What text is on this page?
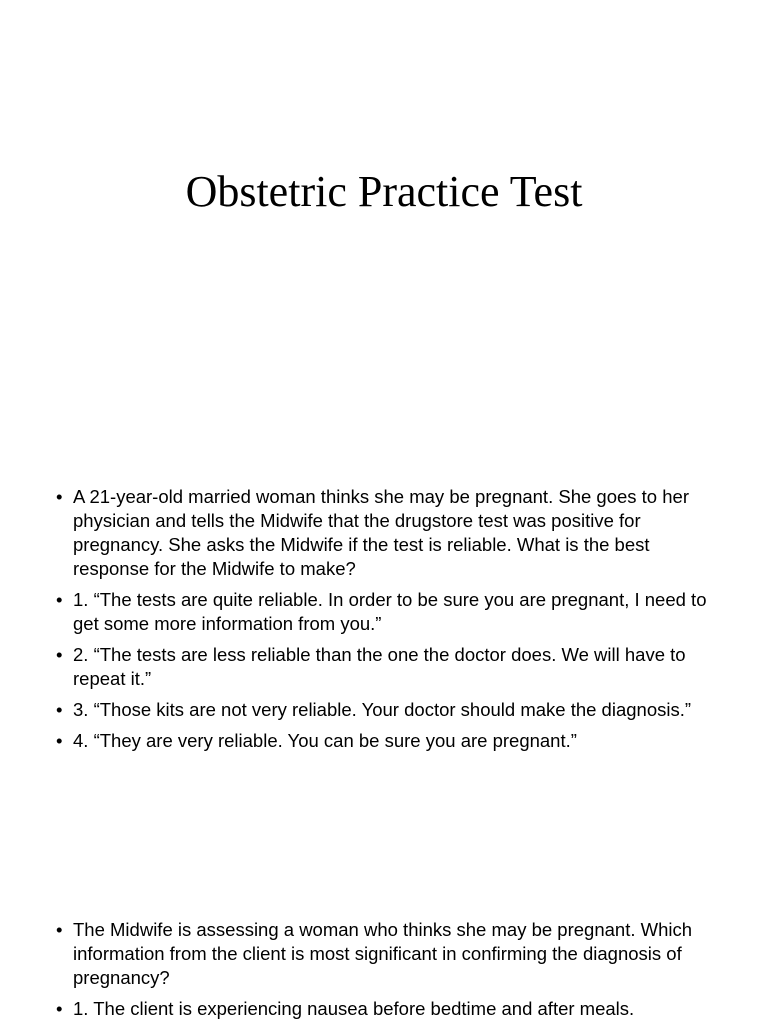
Obstetric Practice Test
• A 21-year-old married woman thinks she may be pregnant. She goes to her physician and tells the Midwife that the drugstore test was positive for pregnancy. She asks the Midwife if the test is reliable. What is the best response for the Midwife to make?
• 1. “The tests are quite reliable. In order to be sure you are pregnant, I need to get some more information from you.”
• 2. “The tests are less reliable than the one the doctor does. We will have to repeat it.”
• 3. “Those kits are not very reliable. Your doctor should make the diagnosis.”
• 4. “They are very reliable. You can be sure you are pregnant.”
• The Midwife is assessing a woman who thinks she may be pregnant. Which information from the client is most significant in confirming the diagnosis of pregnancy?
• 1. The client is experiencing nausea before bedtime and after meals.
